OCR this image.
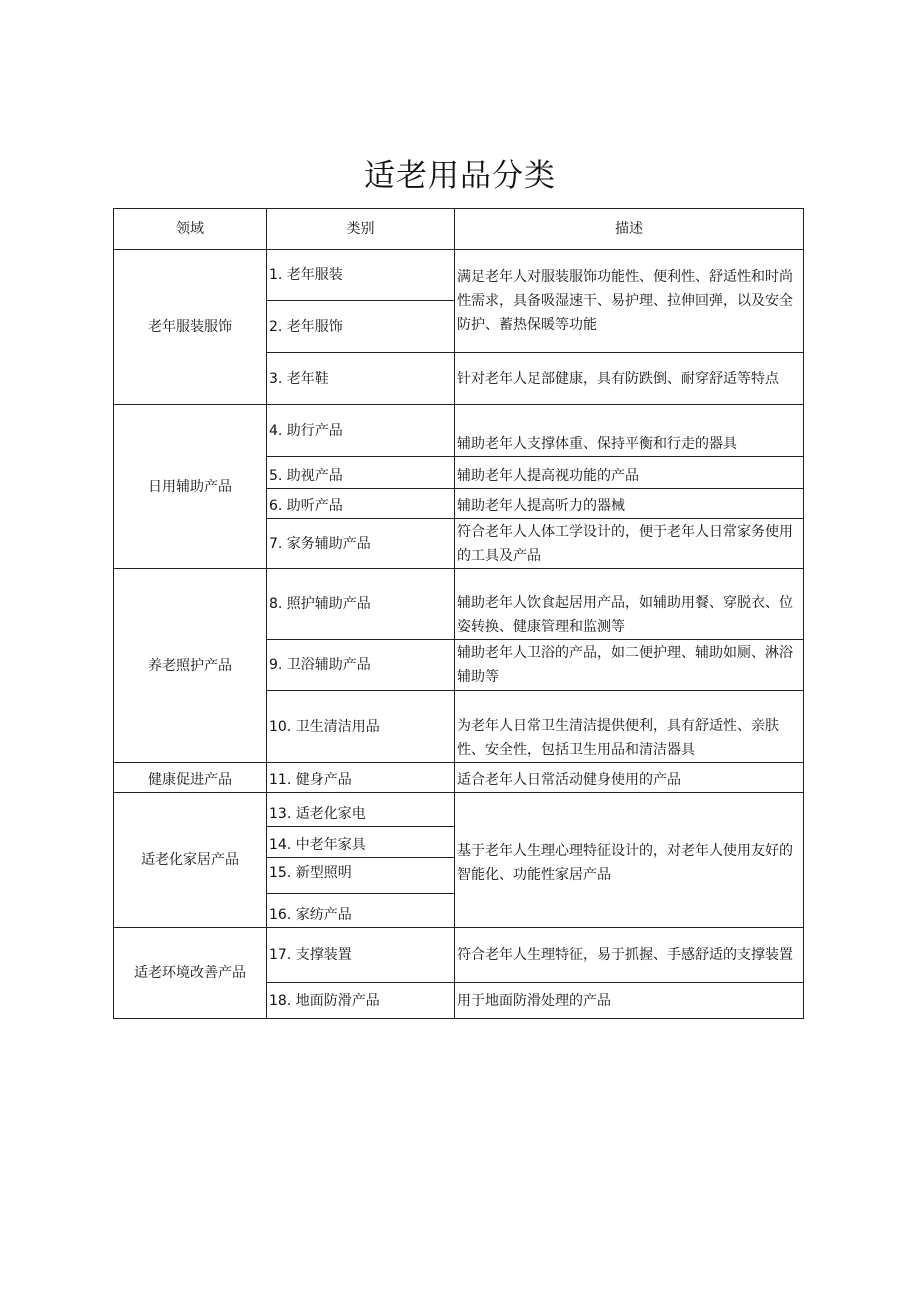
适老用品分类
领域	类别	描述
老年服装服饰	1. 老年服装	满足老年人对服装服饰功能性、便利性、舒适性和时尚性需求，具备吸湿速干、易护理、拉伸回弹，以及安全防护、蓄热保暖等功能
	2. 老年服饰	
	3. 老年鞋	针对老年人足部健康，具有防跌倒、耐穿舒适等特点
日用辅助产品	4. 助行产品	辅助老年人支撑体重、保持平衡和行走的器具
	5. 助视产品	辅助老年人提高视功能的产品
	6. 助听产品	辅助老年人提高听力的器械
	7. 家务辅助产品	符合老年人人体工学设计的，便于老年人日常家务使用的工具及产品
养老照护产品	8. 照护辅助产品	辅助老年人饮食起居用产品，如辅助用餐、穿脱衣、位姿转换、健康管理和监测等
	9. 卫浴辅助产品	辅助老年人卫浴的产品，如二便护理、辅助如厕、淋浴辅助等
	10. 卫生清洁用品	为老年人日常卫生清洁提供便利，具有舒适性、亲肤性、安全性，包括卫生用品和清洁器具
健康促进产品	11. 健身产品	适合老年人日常活动健身使用的产品
适老化家居产品	13. 适老化家电	基于老年人生理心理特征设计的，对老年人使用友好的智能化、功能性家居产品
	14. 中老年家具	
	15. 新型照明	
	16. 家纺产品	
适老环境改善产品	17. 支撑装置	符合老年人生理特征，易于抓握、手感舒适的支撑装置
	18. 地面防滑产品	用于地面防滑处理的产品
